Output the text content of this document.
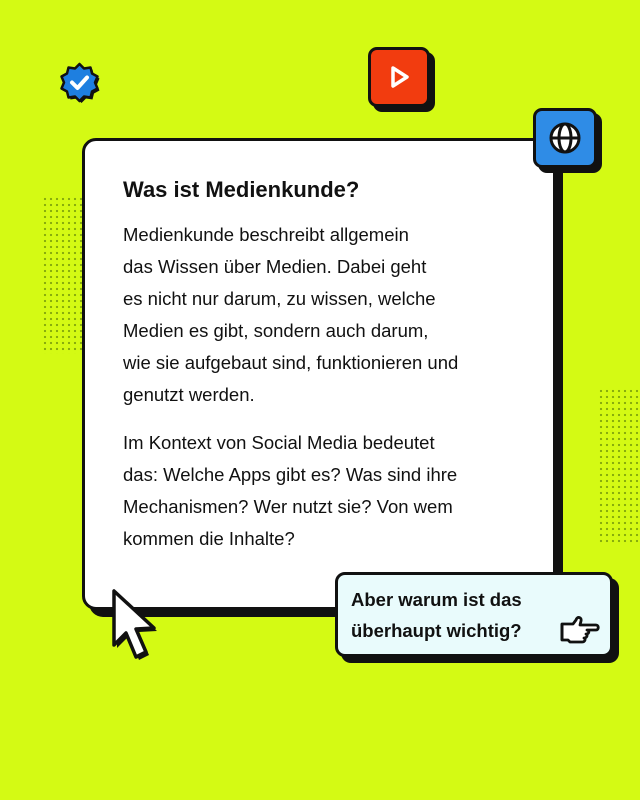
Was ist Medienkunde?

Medienkunde beschreibt allgemein
das Wissen über Medien. Dabei geht
es nicht nur darum, zu wissen, welche
Medien es gibt, sondern auch darum,
wie sie aufgebaut sind, funktionieren und
genutzt werden.

Im Kontext von Social Media bedeutet
das: Welche Apps gibt es? Was sind ihre
Mechanismen? Wer nutzt sie? Von wem
kommen die Inhalte?

Aber warum ist das
überhaupt wichtig?
